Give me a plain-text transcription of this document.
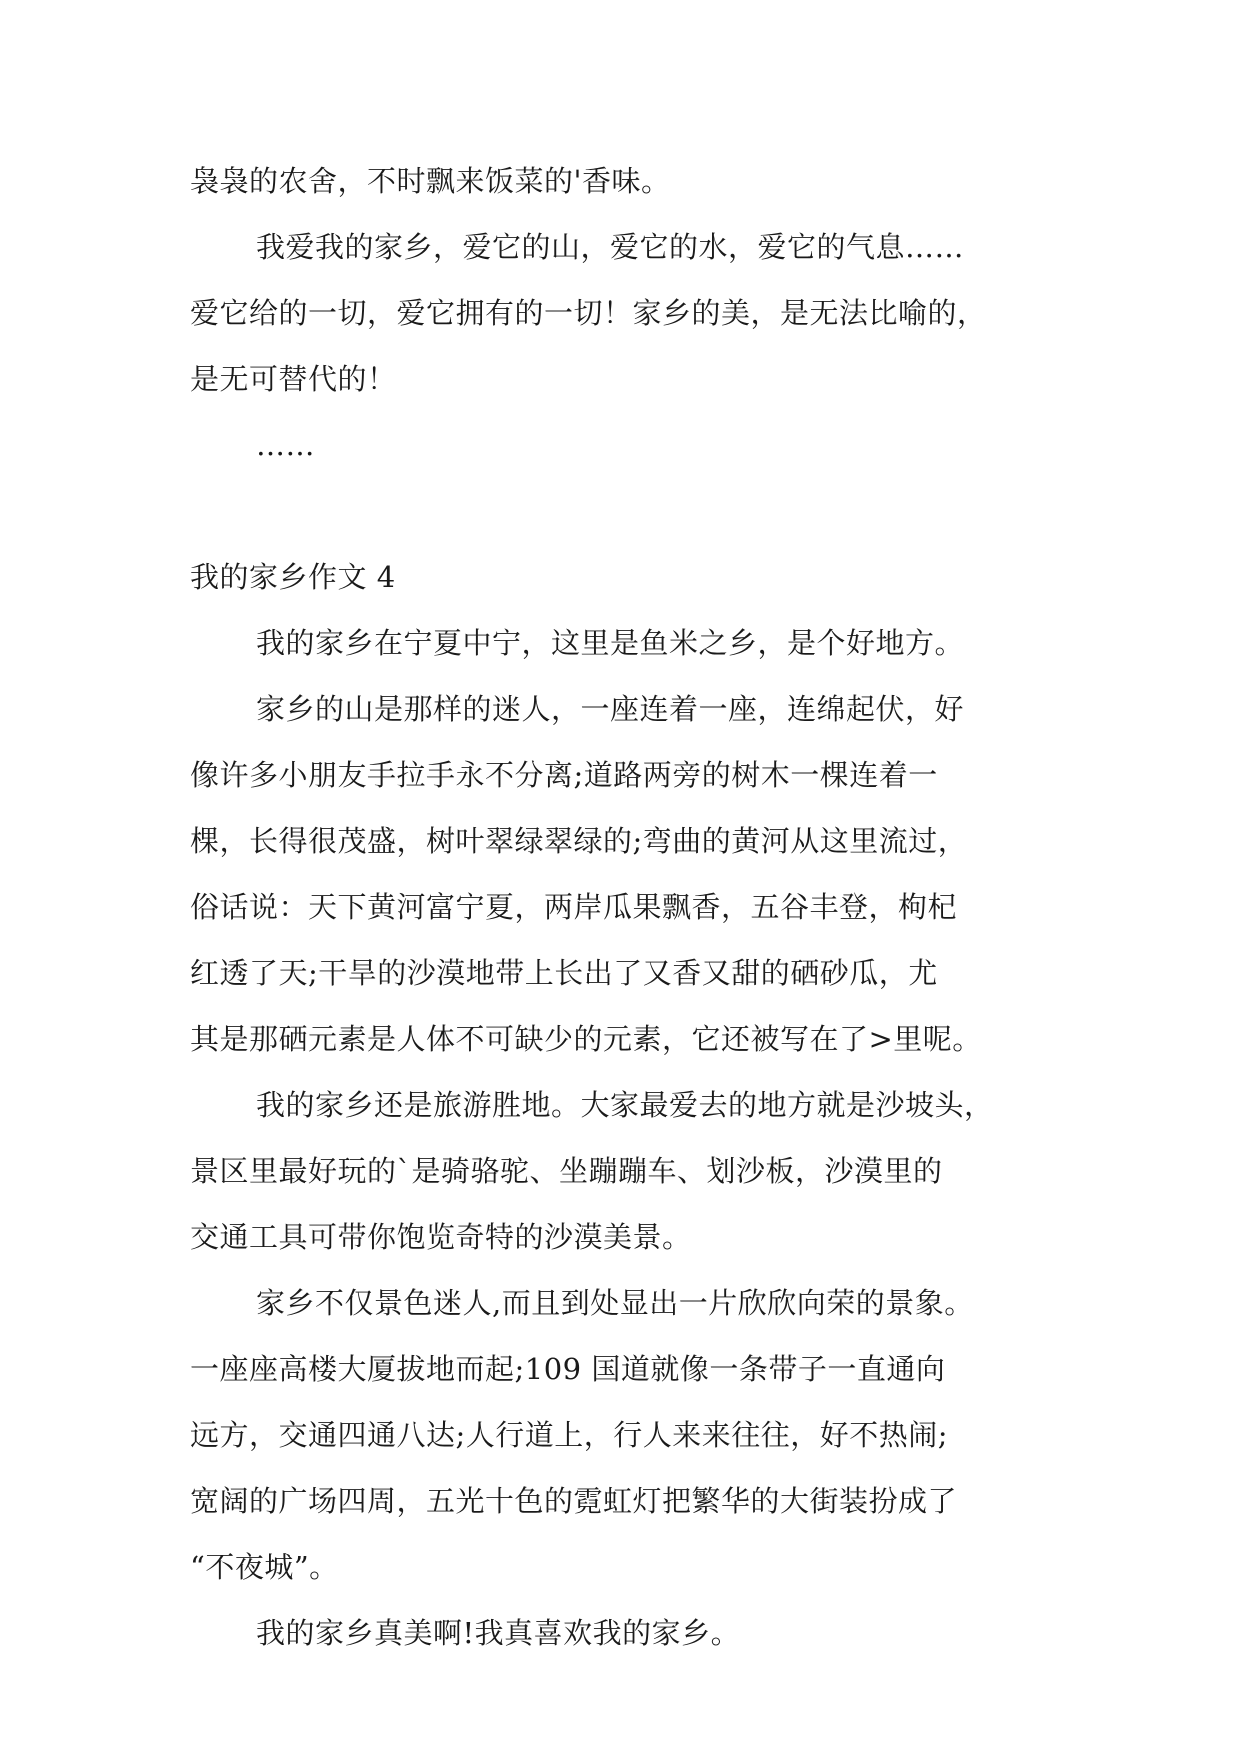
袅袅的农舍，不时飘来饭菜的'香味。
我爱我的家乡，爱它的山，爱它的水，爱它的气息……
爱它给的一切，爱它拥有的一切！家乡的美，是无法比喻的，
是无可替代的！
……
我的家乡作文 4
我的家乡在宁夏中宁，这里是鱼米之乡，是个好地方。
家乡的山是那样的迷人，一座连着一座，连绵起伏，好
像许多小朋友手拉手永不分离;道路两旁的树木一棵连着一
棵，长得很茂盛，树叶翠绿翠绿的;弯曲的黄河从这里流过，
俗话说：天下黄河富宁夏，两岸瓜果飘香，五谷丰登，枸杞
红透了天;干旱的沙漠地带上长出了又香又甜的硒砂瓜，尤
其是那硒元素是人体不可缺少的元素，它还被写在了>里呢。
我的家乡还是旅游胜地。大家最爱去的地方就是沙坡头，
景区里最好玩的`是骑骆驼、坐蹦蹦车、划沙板，沙漠里的
交通工具可带你饱览奇特的沙漠美景。
家乡不仅景色迷人,而且到处显出一片欣欣向荣的景象。
一座座高楼大厦拔地而起;109 国道就像一条带子一直通向
远方，交通四通八达;人行道上，行人来来往往，好不热闹;
宽阔的广场四周，五光十色的霓虹灯把繁华的大街装扮成了
“不夜城”。
我的家乡真美啊!我真喜欢我的家乡。
